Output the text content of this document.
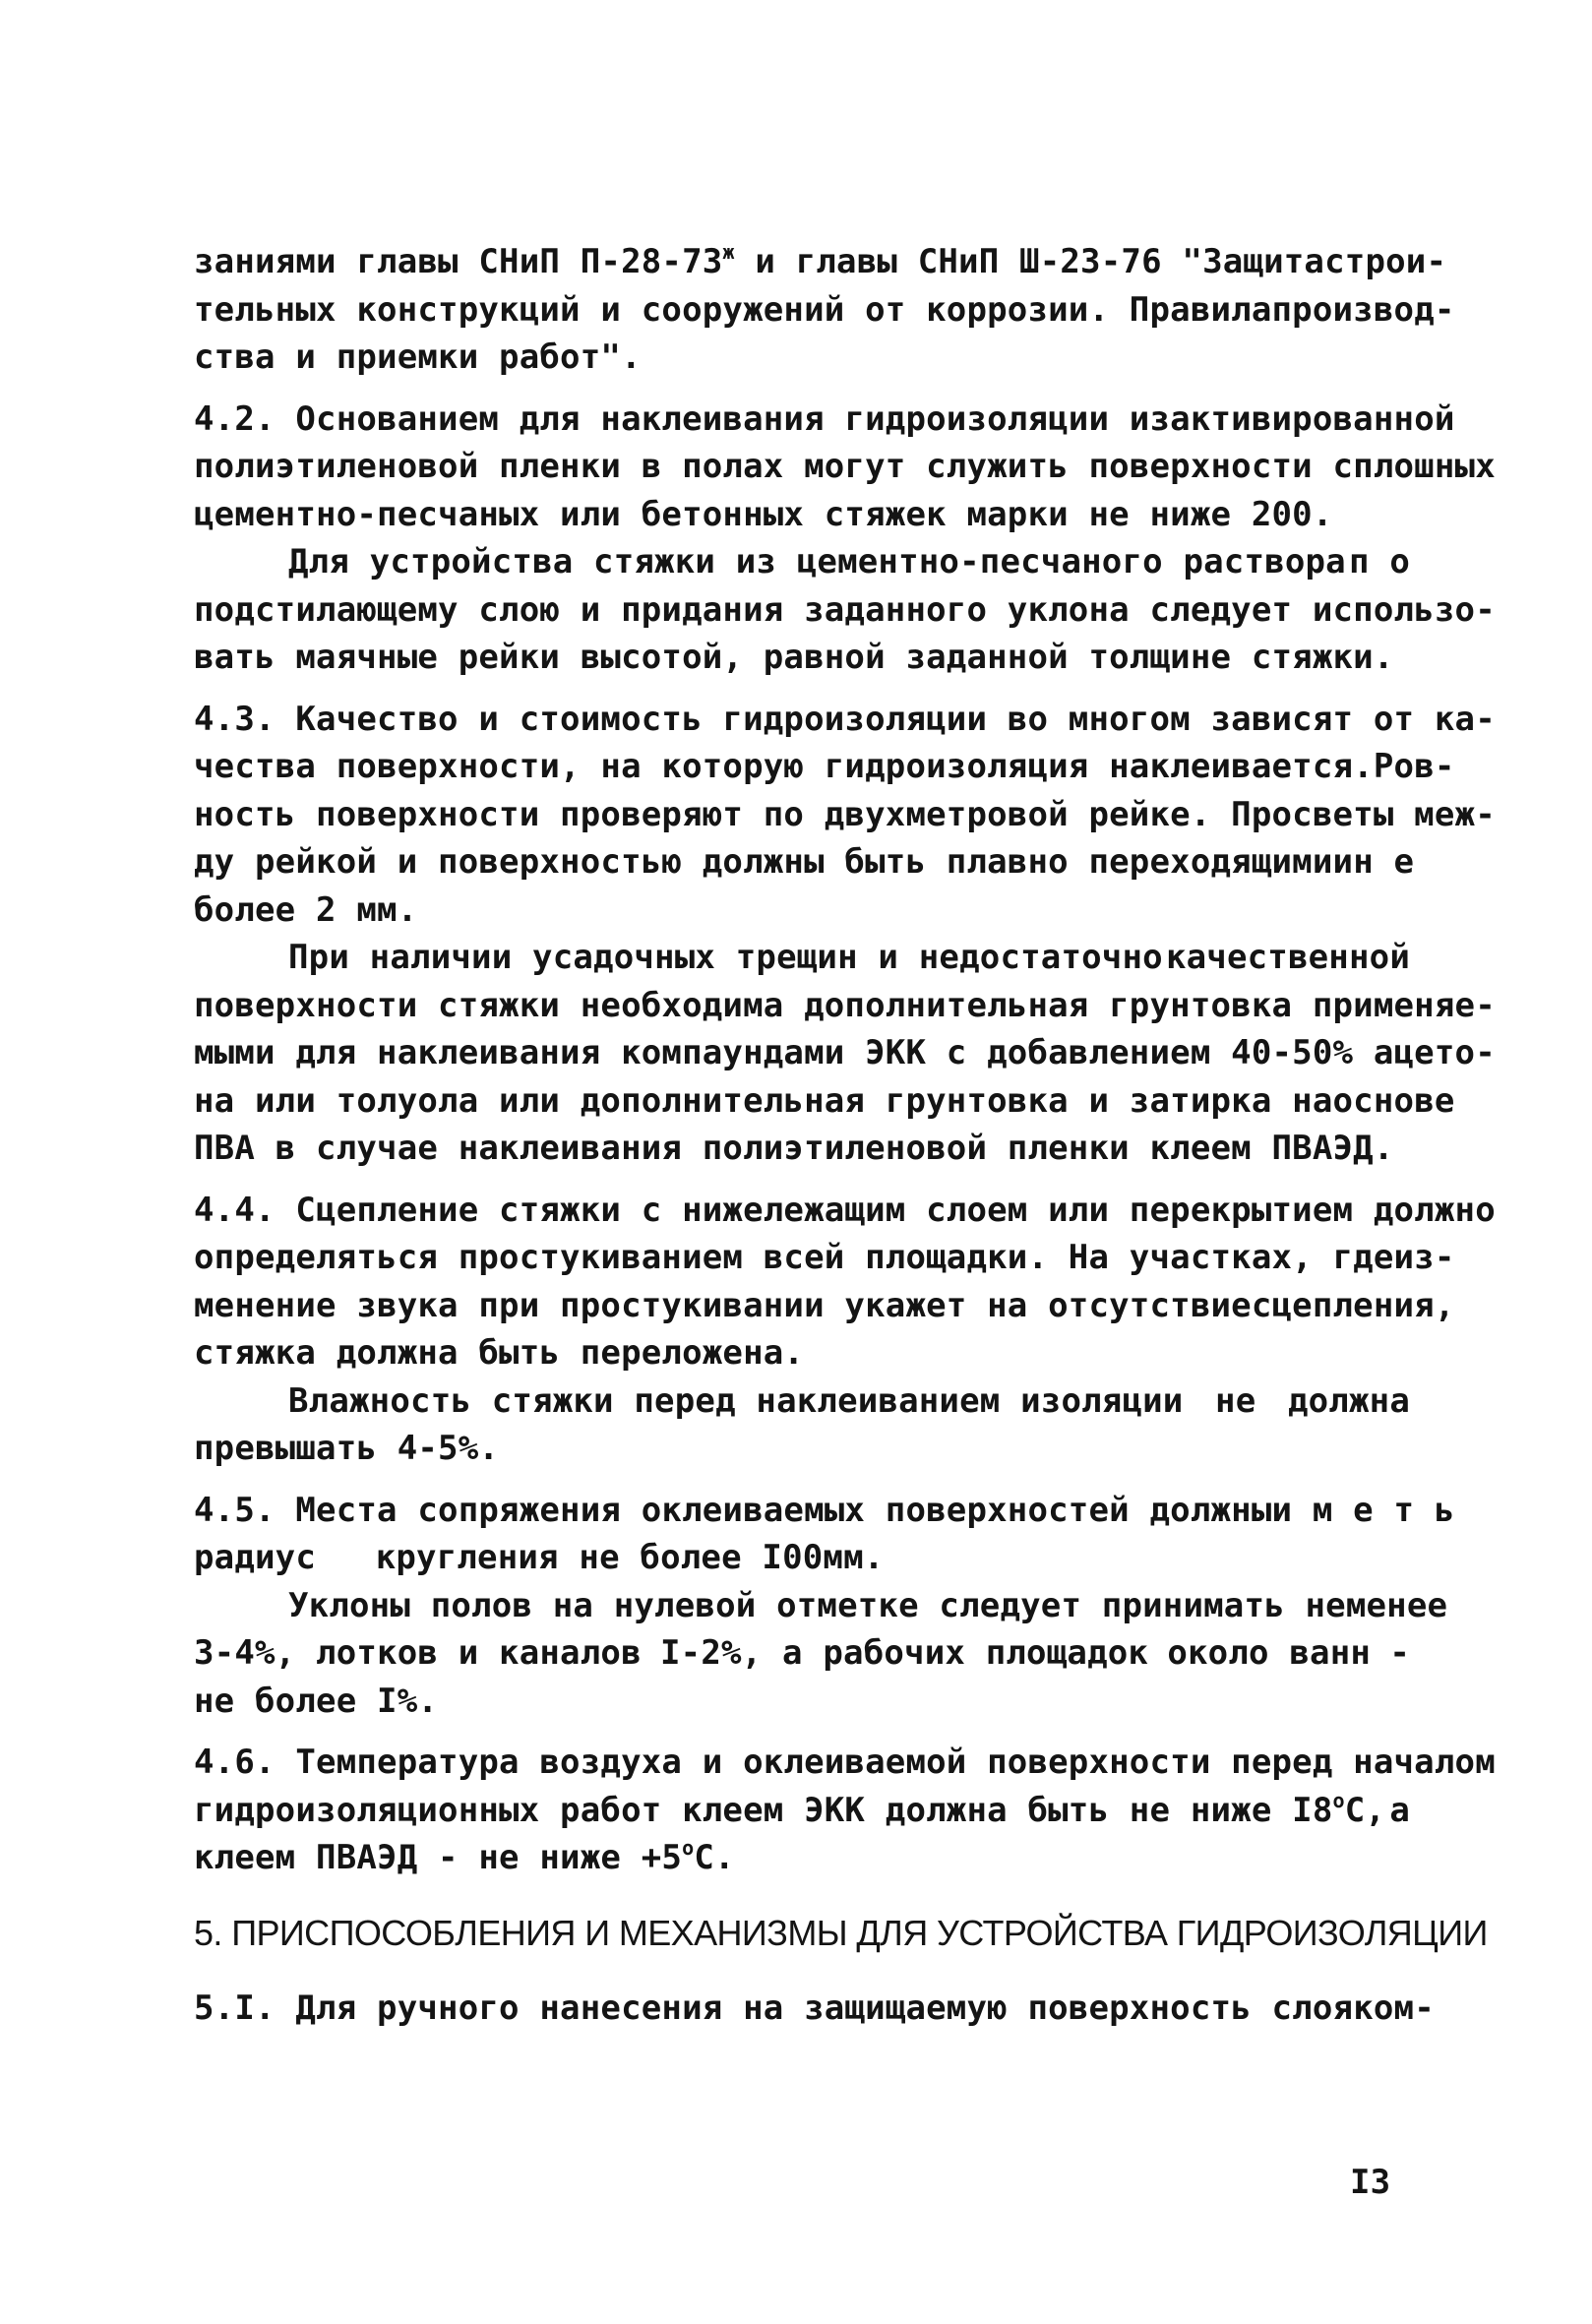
заниями главы СНиП $П-28-73^ж$ и главы СНиП Ш-23-76 "Защита строи-
тельных конструкций и сооружений от коррозии. Правила производ-
ства и приемки работ".
4.2. Основанием для наклеивания гидроизоляции из активированной
полиэтиленовой пленки в полах могут служить поверхности сплошных
цементно-песчаных или бетонных стяжек марки не ниже 200.
Для устройства стяжки из цементно-песчаного раствора п о
подстилающему слою и придания заданного уклона следует использо-
вать маячные рейки высотой, равной заданной толщине стяжки.
4.3. Качество и стоимость гидроизоляции во многом зависят от ка-
чества поверхности, на которую гидроизоляция наклеивается. Ров-
ность поверхности проверяют по двухметровой рейке. Просветы меж-
ду рейкой и поверхностью должны быть плавно переходящими и н е
более 2 мм.
При наличии усадочных трещин и недостаточно качественной
поверхности стяжки необходима дополнительная грунтовка применяе-
мыми для наклеивания компаундами ЭКК с добавлением 40-50% ацето-
на или толуола или дополнительная грунтовка и затирка на основе
ПВА в случае наклеивания полиэтиленовой пленки клеем ПВАЭД.
4.4. Сцепление стяжки с нижележащим слоем или перекрытием должно
определяться простукиванием всей площадки. На участках, где из-
менение звука при простукивании укажет на отсутствие сцепления,
стяжка должна быть переложена.
Влажность стяжки перед наклеиванием изоляции не должна
превышать 4-5%.
4.5. Места сопряжения оклеиваемых поверхностей должны и м е т ь
радиус кругления не более I00мм.
Уклоны полов на нулевой отметке следует принимать не менее
3-4%, лотков и каналов I-2%, а рабочих площадок около ванн -
не более I%.
4.6. Температура воздуха и оклеиваемой поверхности перед началом
гидроизоляционных работ клеем ЭКК должна быть не ниже $I8^оС$, а
клеем ПВАЭД - не ниже $+5^оС$.
5. ПРИСПОСОБЛЕНИЯ И МЕХАНИЗМЫ ДЛЯ УСТРОЙСТВА ГИДРОИЗОЛЯЦИИ
5.I. Для ручного нанесения на защищаемую поверхность слоя ком-
I3
